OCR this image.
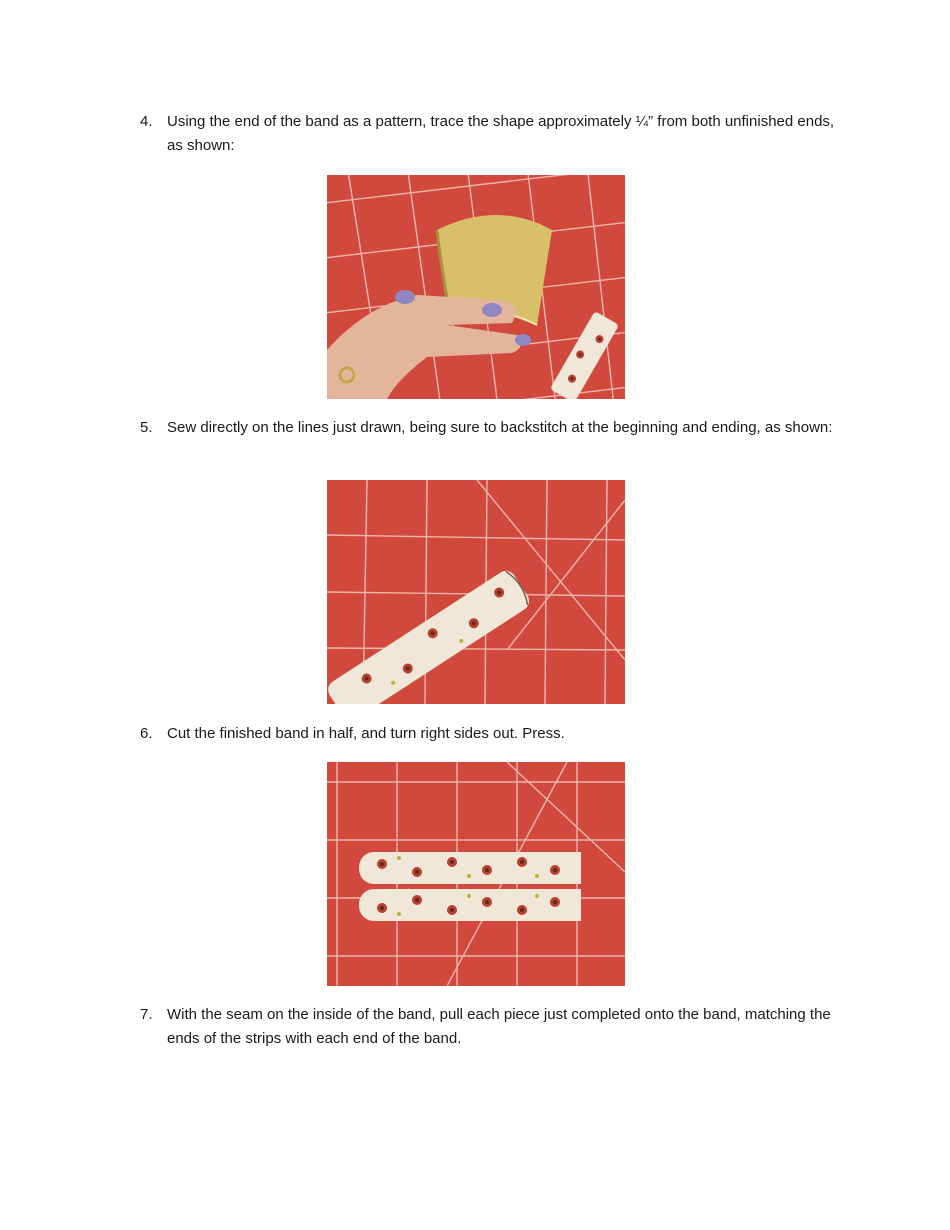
4. Using the end of the band as a pattern, trace the shape approximately ¼” from both unfinished ends, as shown:
5. Sew directly on the lines just drawn, being sure to backstitch at the beginning and ending, as shown:
6. Cut the finished band in half, and turn right sides out. Press.
7. With the seam on the inside of the band, pull each piece just completed onto the band, matching the ends of the strips with each end of the band.
